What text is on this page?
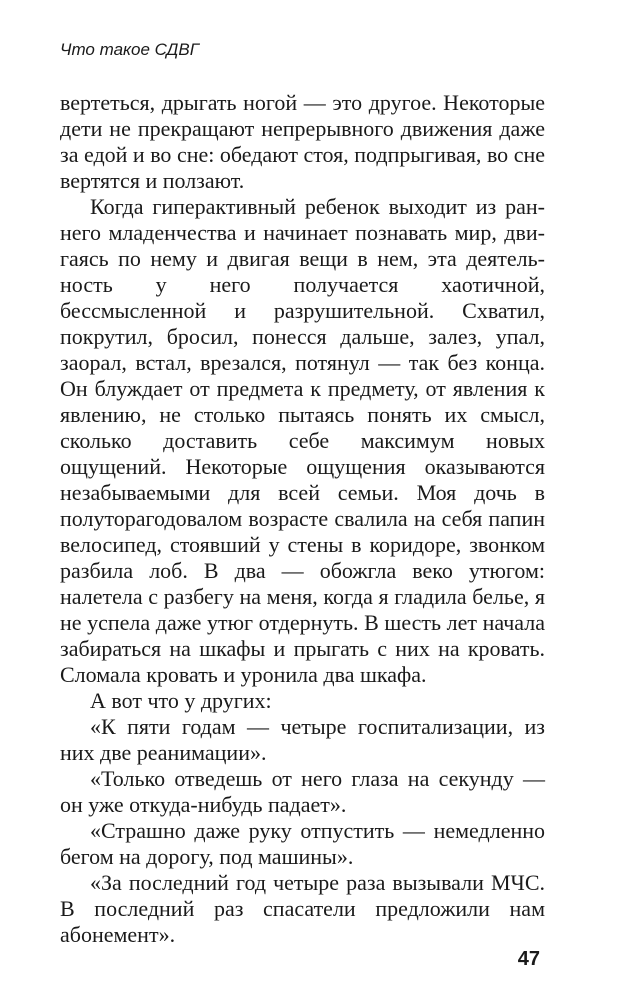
Что такое СДВГ

вертеться, дрыгать ногой — это другое. Некоторые дети не прекращают непрерывного движения даже за едой и во сне: обедают стоя, подпрыгивая, во сне вертятся и ползают.

Когда гиперактивный ребенок выходит из раннего младенчества и начинает познавать мир, двигаясь по нему и двигая вещи в нем, эта деятельность у него получается хаотичной, бессмысленной и разрушительной. Схватил, покрутил, бросил, понесся дальше, залез, упал, заорал, встал, врезался, потянул — так без конца. Он блуждает от предмета к предмету, от явления к явлению, не столько пытаясь понять их смысл, сколько доставить себе максимум новых ощущений. Некоторые ощущения оказываются незабываемыми для всей семьи. Моя дочь в полуторагодовалом возрасте свалила на себя папин велосипед, стоявший у стены в коридоре, звонком разбила лоб. В два — обожгла веко утюгом: налетела с разбегу на меня, когда я гладила белье, я не успела даже утюг отдернуть. В шесть лет начала забираться на шкафы и прыгать с них на кровать. Сломала кровать и уронила два шкафа.

А вот что у других:

«К пяти годам — четыре госпитализации, из них две реанимации».

«Только отведешь от него глаза на секунду — он уже откуда-нибудь падает».

«Страшно даже руку отпустить — немедленно бегом на дорогу, под машины».

«За последний год четыре раза вызывали МЧС. В последний раз спасатели предложили нам абонемент».

47
